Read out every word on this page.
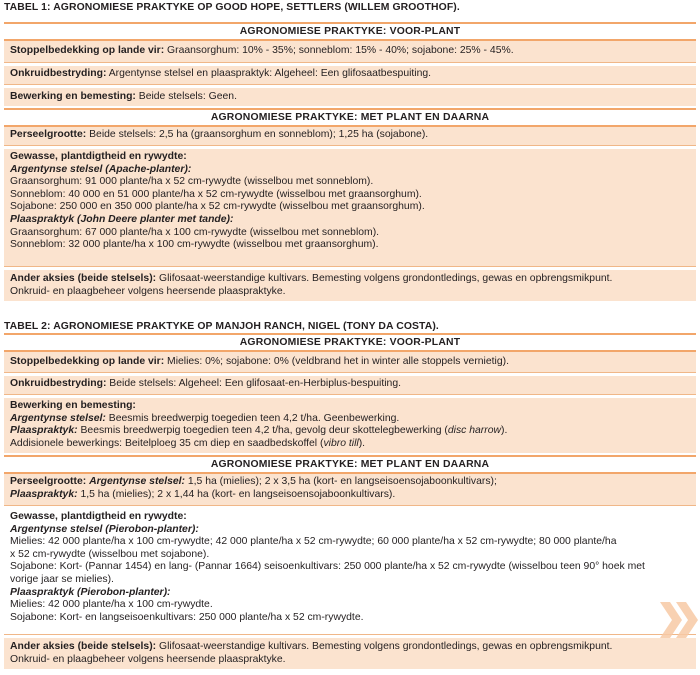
TABEL 1: AGRONOMIESE PRAKTYKE OP GOOD HOPE, SETTLERS (WILLEM GROOTHOF).
AGRONOMIESE PRAKTYKE: VOOR-PLANT
Stoppelbedekking op lande vir: Graansorghum: 10% - 35%; sonneblom: 15% - 40%; sojabone: 25% - 45%.
Onkruidbestryding: Argentynse stelsel en plaaspraktyk: Algeheel: Een glifosaatbespuiting.
Bewerking en bemesting: Beide stelsels: Geen.
AGRONOMIESE PRAKTYKE: MET PLANT EN DAARNA
Perseelgrootte: Beide stelsels: 2,5 ha (graansorghum en sonneblom); 1,25 ha (sojabone).
Gewasse, plantdigtheid en rywydte:
Argentynse stelsel (Apache-planter):
Graansorghum: 91 000 plante/ha x 52 cm-rywydte (wisselbou met sonneblom).
Sonneblom: 40 000 en 51 000 plante/ha x 52 cm-rywydte (wisselbou met graansorghum).
Sojabone: 250 000 en 350 000 plante/ha x 52 cm-rywydte (wisselbou met graansorghum).
Plaaspraktyk (John Deere planter met tande):
Graansorghum: 67 000 plante/ha x 100 cm-rywydte (wisselbou met sonneblom).
Sonneblom: 32 000 plante/ha x 100 cm-rywydte (wisselbou met graansorghum).
Ander aksies (beide stelsels): Glifosaat-weerstandige kultivars. Bemesting volgens grondontledings, gewas en opbrengsmikpunt.
Onkruid- en plaagbeheer volgens heersende plaaspraktyke.
TABEL 2: AGRONOMIESE PRAKTYKE OP MANJOH RANCH, NIGEL (TONY DA COSTA).
AGRONOMIESE PRAKTYKE: VOOR-PLANT
Stoppelbedekking op lande vir: Mielies: 0%; sojabone: 0% (veldbrand het in winter alle stoppels vernietig).
Onkruidbestryding: Beide stelsels: Algeheel: Een glifosaat-en-Herbiplus-bespuiting.
Bewerking en bemesting:
Argentynse stelsel: Beesmis breedwerpig toegedien teen 4,2 t/ha. Geenbewerking.
Plaaspraktyk: Beesmis breedwerpig toegedien teen 4,2 t/ha, gevolg deur skottelegbewerking (disc harrow).
Addisionele bewerkings: Beitelploeg 35 cm diep en saadbedskoffel (vibro till).
AGRONOMIESE PRAKTYKE: MET PLANT EN DAARNA
Perseelgrootte: Argentynse stelsel: 1,5 ha (mielies); 2 x 3,5 ha (kort- en langseisoensojaboonkultivars);
Plaaspraktyk: 1,5 ha (mielies); 2 x 1,44 ha (kort- en langseisoensojaboonkultivars).
Gewasse, plantdigtheid en rywydte:
Argentynse stelsel (Pierobon-planter):
Mielies: 42 000 plante/ha x 100 cm-rywydte; 42 000 plante/ha x 52 cm-rywydte; 60 000 plante/ha x 52 cm-rywydte; 80 000 plante/ha
x 52 cm-rywydte (wisselbou met sojabone).
Sojabone: Kort- (Pannar 1454) en lang- (Pannar 1664) seisoenkultivars: 250 000 plante/ha x 52 cm-rywydte (wisselbou teen 90° hoek met
vorige jaar se mielies).
Plaaspraktyk (Pierobon-planter):
Mielies: 42 000 plante/ha x 100 cm-rywydte.
Sojabone: Kort- en langseisoenkultivars: 250 000 plante/ha x 52 cm-rywydte.
Ander aksies (beide stelsels): Glifosaat-weerstandige kultivars. Bemesting volgens grondontledings, gewas en opbrengsmikpunt.
Onkruid- en plaagbeheer volgens heersende plaaspraktyke.
